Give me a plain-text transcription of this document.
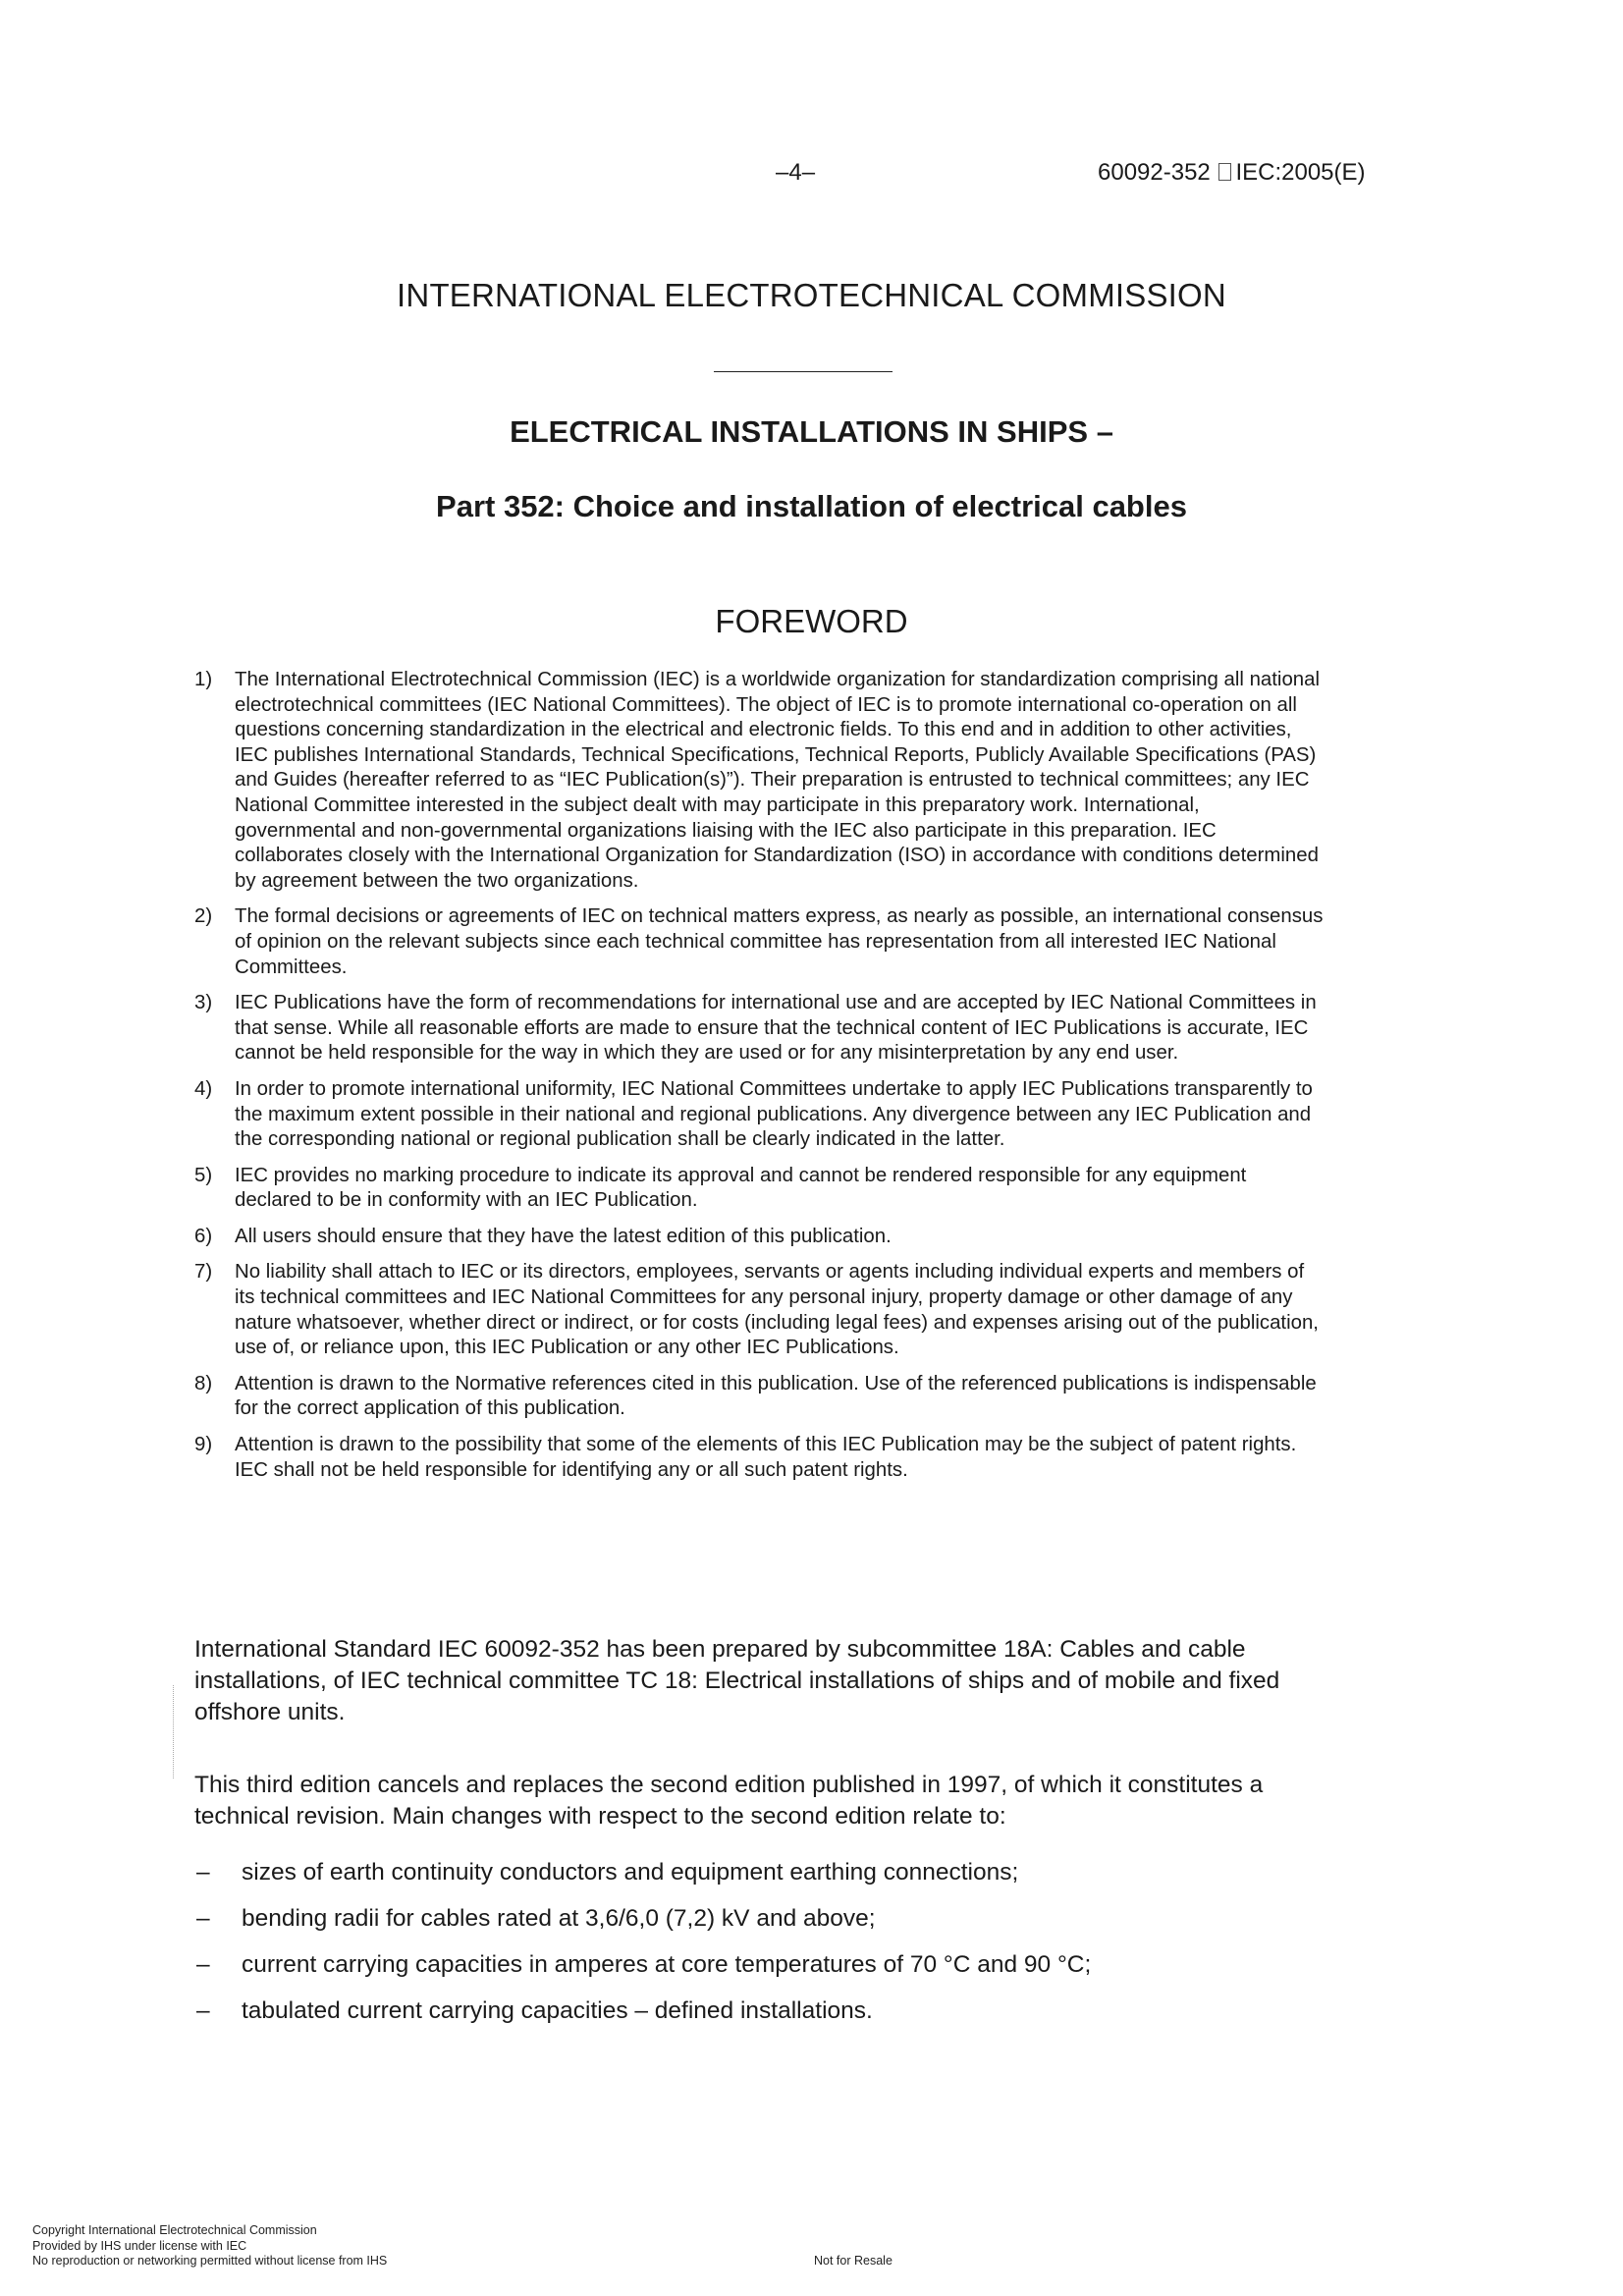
–4–	60092-352 IEC:2005(E)
INTERNATIONAL ELECTROTECHNICAL COMMISSION
ELECTRICAL INSTALLATIONS IN SHIPS –
Part 352: Choice and installation of electrical cables
FOREWORD
1) The International Electrotechnical Commission (IEC) is a worldwide organization for standardization comprising all national electrotechnical committees (IEC National Committees). The object of IEC is to promote international co-operation on all questions concerning standardization in the electrical and electronic fields. To this end and in addition to other activities, IEC publishes International Standards, Technical Specifications, Technical Reports, Publicly Available Specifications (PAS) and Guides (hereafter referred to as “IEC Publication(s)”). Their preparation is entrusted to technical committees; any IEC National Committee interested in the subject dealt with may participate in this preparatory work. International, governmental and non-governmental organizations liaising with the IEC also participate in this preparation. IEC collaborates closely with the International Organization for Standardization (ISO) in accordance with conditions determined by agreement between the two organizations.
2) The formal decisions or agreements of IEC on technical matters express, as nearly as possible, an international consensus of opinion on the relevant subjects since each technical committee has representation from all interested IEC National Committees.
3) IEC Publications have the form of recommendations for international use and are accepted by IEC National Committees in that sense. While all reasonable efforts are made to ensure that the technical content of IEC Publications is accurate, IEC cannot be held responsible for the way in which they are used or for any misinterpretation by any end user.
4) In order to promote international uniformity, IEC National Committees undertake to apply IEC Publications transparently to the maximum extent possible in their national and regional publications. Any divergence between any IEC Publication and the corresponding national or regional publication shall be clearly indicated in the latter.
5) IEC provides no marking procedure to indicate its approval and cannot be rendered responsible for any equipment declared to be in conformity with an IEC Publication.
6) All users should ensure that they have the latest edition of this publication.
7) No liability shall attach to IEC or its directors, employees, servants or agents including individual experts and members of its technical committees and IEC National Committees for any personal injury, property damage or other damage of any nature whatsoever, whether direct or indirect, or for costs (including legal fees) and expenses arising out of the publication, use of, or reliance upon, this IEC Publication or any other IEC Publications.
8) Attention is drawn to the Normative references cited in this publication. Use of the referenced publications is indispensable for the correct application of this publication.
9) Attention is drawn to the possibility that some of the elements of this IEC Publication may be the subject of patent rights. IEC shall not be held responsible for identifying any or all such patent rights.

International Standard IEC 60092-352 has been prepared by subcommittee 18A: Cables and cable installations, of IEC technical committee TC 18: Electrical installations of ships and of mobile and fixed offshore units.

This third edition cancels and replaces the second edition published in 1997, of which it constitutes a technical revision. Main changes with respect to the second edition relate to:

– sizes of earth continuity conductors and equipment earthing connections;
– bending radii for cables rated at 3,6/6,0 (7,2) kV and above;
– current carrying capacities in amperes at core temperatures of 70 °C and 90 °C;
– tabulated current carrying capacities – defined installations.
Copyright International Electrotechnical Commission
Provided by IHS under license with IEC
No reproduction or networking permitted without license from IHS	Not for Resale
